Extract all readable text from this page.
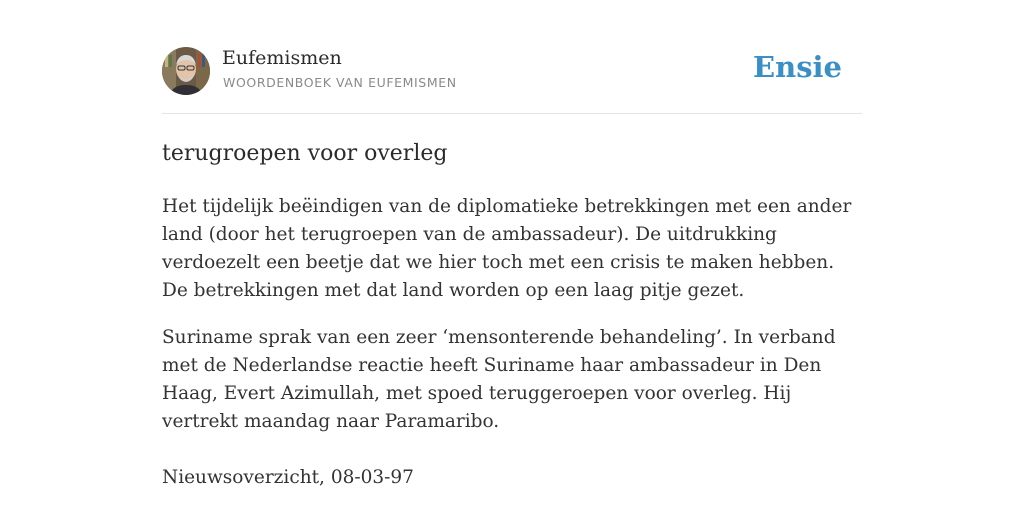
Eufemismen
WOORDENBOEK VAN EUFEMISMEN	Ensie
terugroepen voor overleg

Het tijdelijk beëindigen van de diplomatieke betrekkingen met een ander land (door het terugroepen van de ambassadeur). De uitdrukking verdoezelt een beetje dat we hier toch met een crisis te maken hebben. De betrekkingen met dat land worden op een laag pitje gezet.

Suriname sprak van een zeer ‘mensonterende behandeling’. In verband met de Nederlandse reactie heeft Suriname haar ambassadeur in Den Haag, Evert Azimullah, met spoed teruggeroepen voor overleg. Hij vertrekt maandag naar Paramaribo.

Nieuwsoverzicht, 08-03-97
